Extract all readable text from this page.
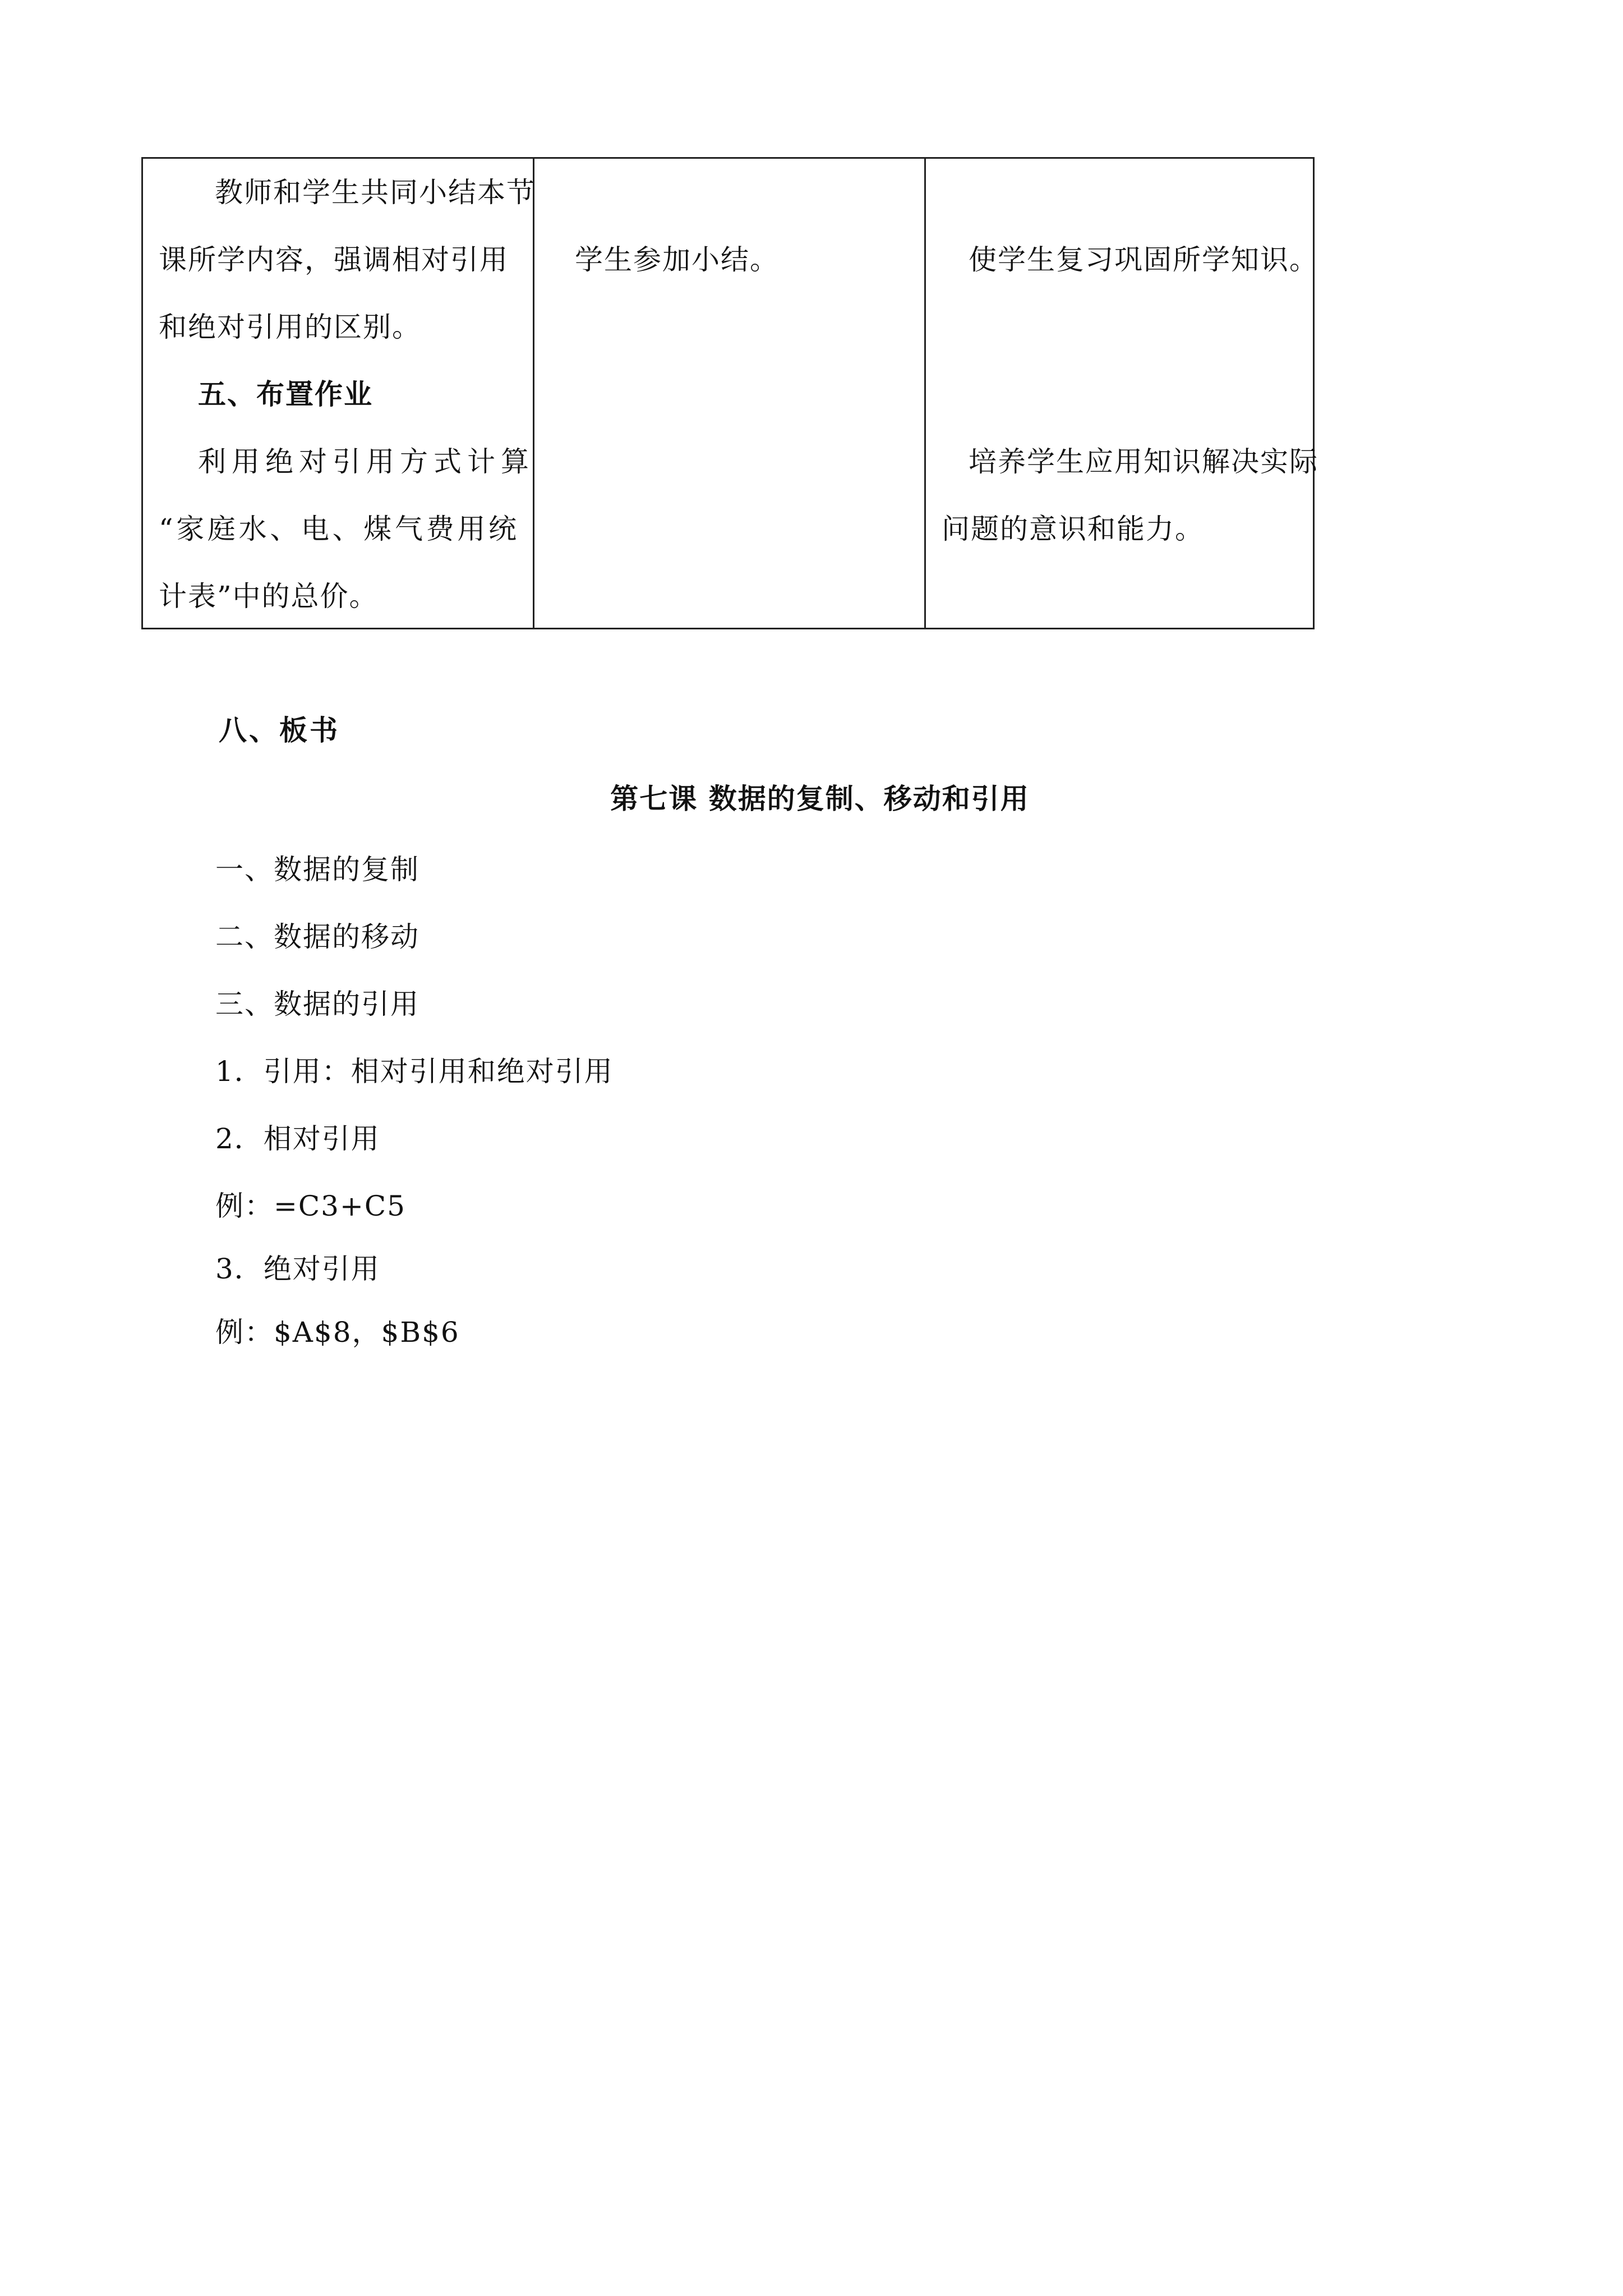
教师和学生共同小结本节
课所学内容，强调相对引用
和绝对引用的区别。
五、布置作业
利用绝对引用方式计算
“家庭水、电、煤气费用统
计表”中的总价。
学生参加小结。	使学生复习巩固所学知识。
培养学生应用知识解决实际
问题的意识和能力。
八、板书
第七课 数据的复制、移动和引用
一、数据的复制
二、数据的移动
三、数据的引用
1．引用：相对引用和绝对引用
2．相对引用
例：=C3+C5
3．绝对引用
例：$A$8，$B$6
